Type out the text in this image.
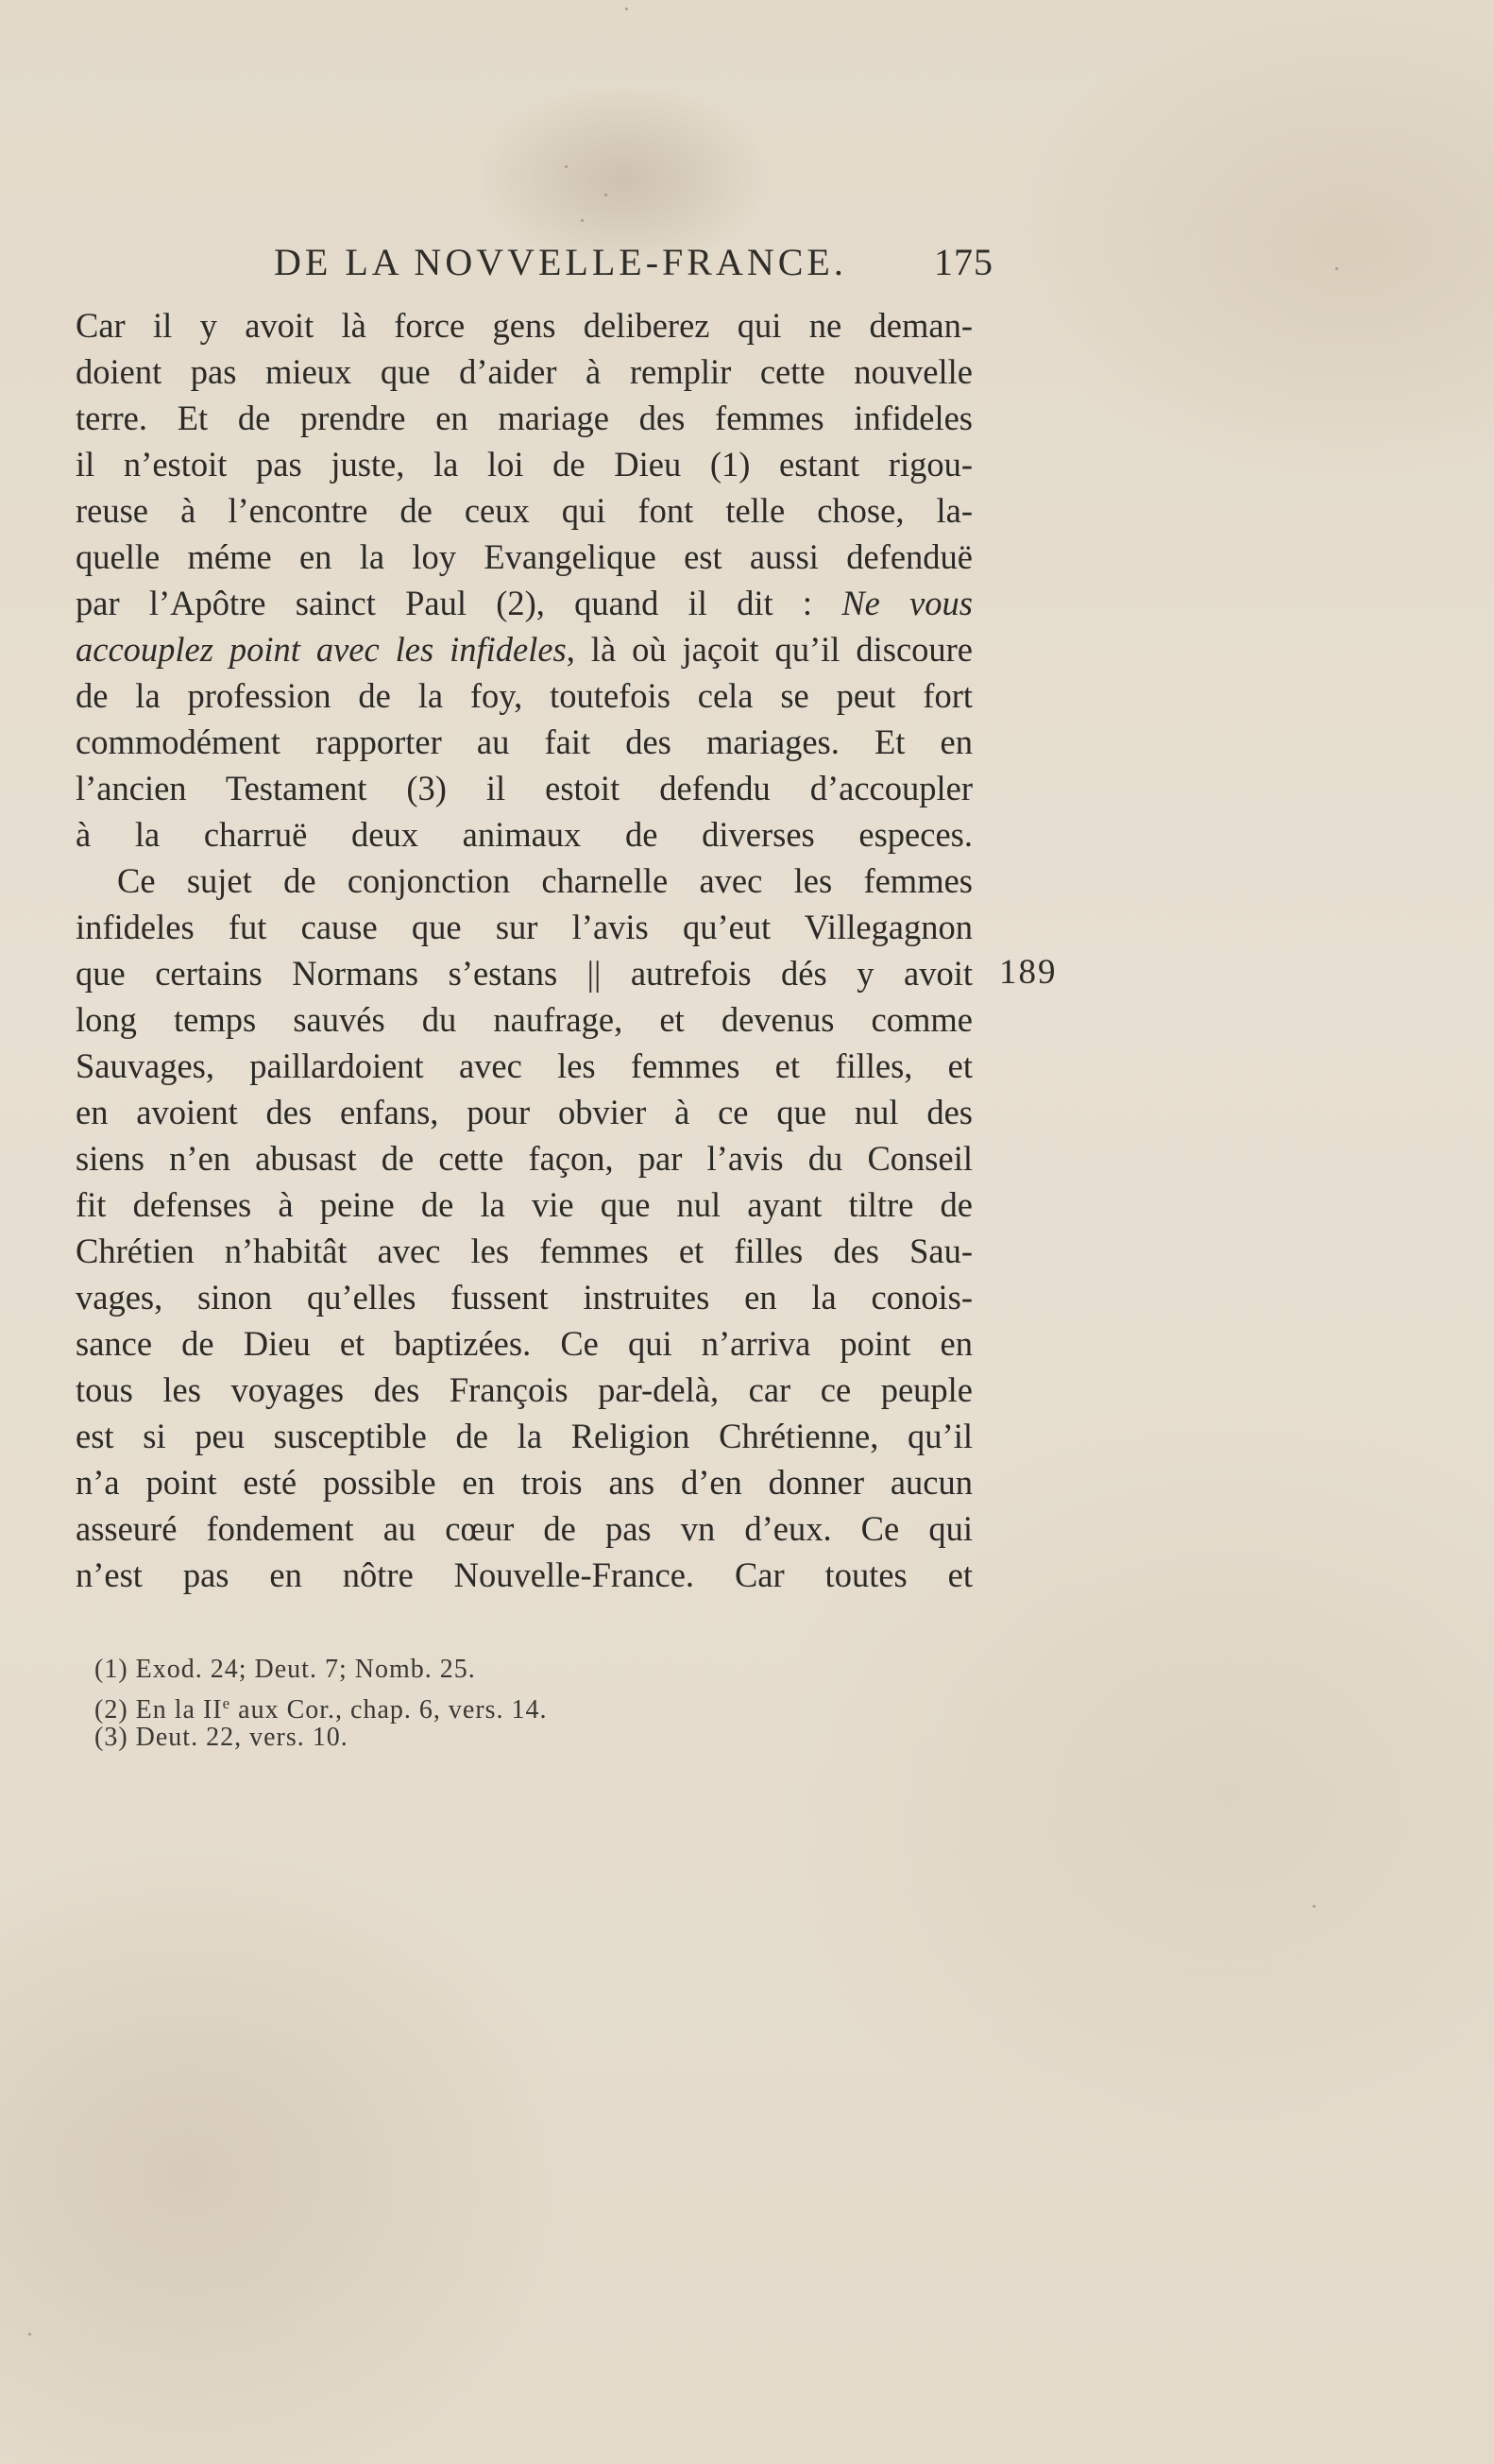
DE LA NOVVELLE-FRANCE. 175
Car il y avoit là force gens deliberez qui ne deman-
doient pas mieux que d’aider à remplir cette nouvelle
terre. Et de prendre en mariage des femmes infideles
il n’estoit pas juste, la loi de Dieu (1) estant rigou-
reuse à l’encontre de ceux qui font telle chose, la-
quelle méme en la loy Evangelique est aussi defenduë
par l’Apôtre sainct Paul (2), quand il dit : Ne vous
accouplez point avec les infideles, là où jaçoit qu’il discoure
de la profession de la foy, toutefois cela se peut fort
commodément rapporter au fait des mariages. Et en
l’ancien Testament (3) il estoit defendu d’accoupler
à la charruë deux animaux de diverses especes.
Ce sujet de conjonction charnelle avec les femmes
infideles fut cause que sur l’avis qu’eut Villegagnon
que certains Normans s’estans || autrefois dés y avoit
long temps sauvés du naufrage, et devenus comme
Sauvages, paillardoient avec les femmes et filles, et
en avoient des enfans, pour obvier à ce que nul des
siens n’en abusast de cette façon, par l’avis du Conseil
fit defenses à peine de la vie que nul ayant tiltre de
Chrétien n’habitât avec les femmes et filles des Sau-
vages, sinon qu’elles fussent instruites en la conois-
sance de Dieu et baptizées. Ce qui n’arriva point en
tous les voyages des François par-delà, car ce peuple
est si peu susceptible de la Religion Chrétienne, qu’il
n’a point esté possible en trois ans d’en donner aucun
asseuré fondement au cœur de pas vn d’eux. Ce qui
n’est pas en nôtre Nouvelle-France. Car toutes et
189
(1) Exod. 24; Deut. 7; Nomb. 25.
(2) En la IIe aux Cor., chap. 6, vers. 14.
(3) Deut. 22, vers. 10.
